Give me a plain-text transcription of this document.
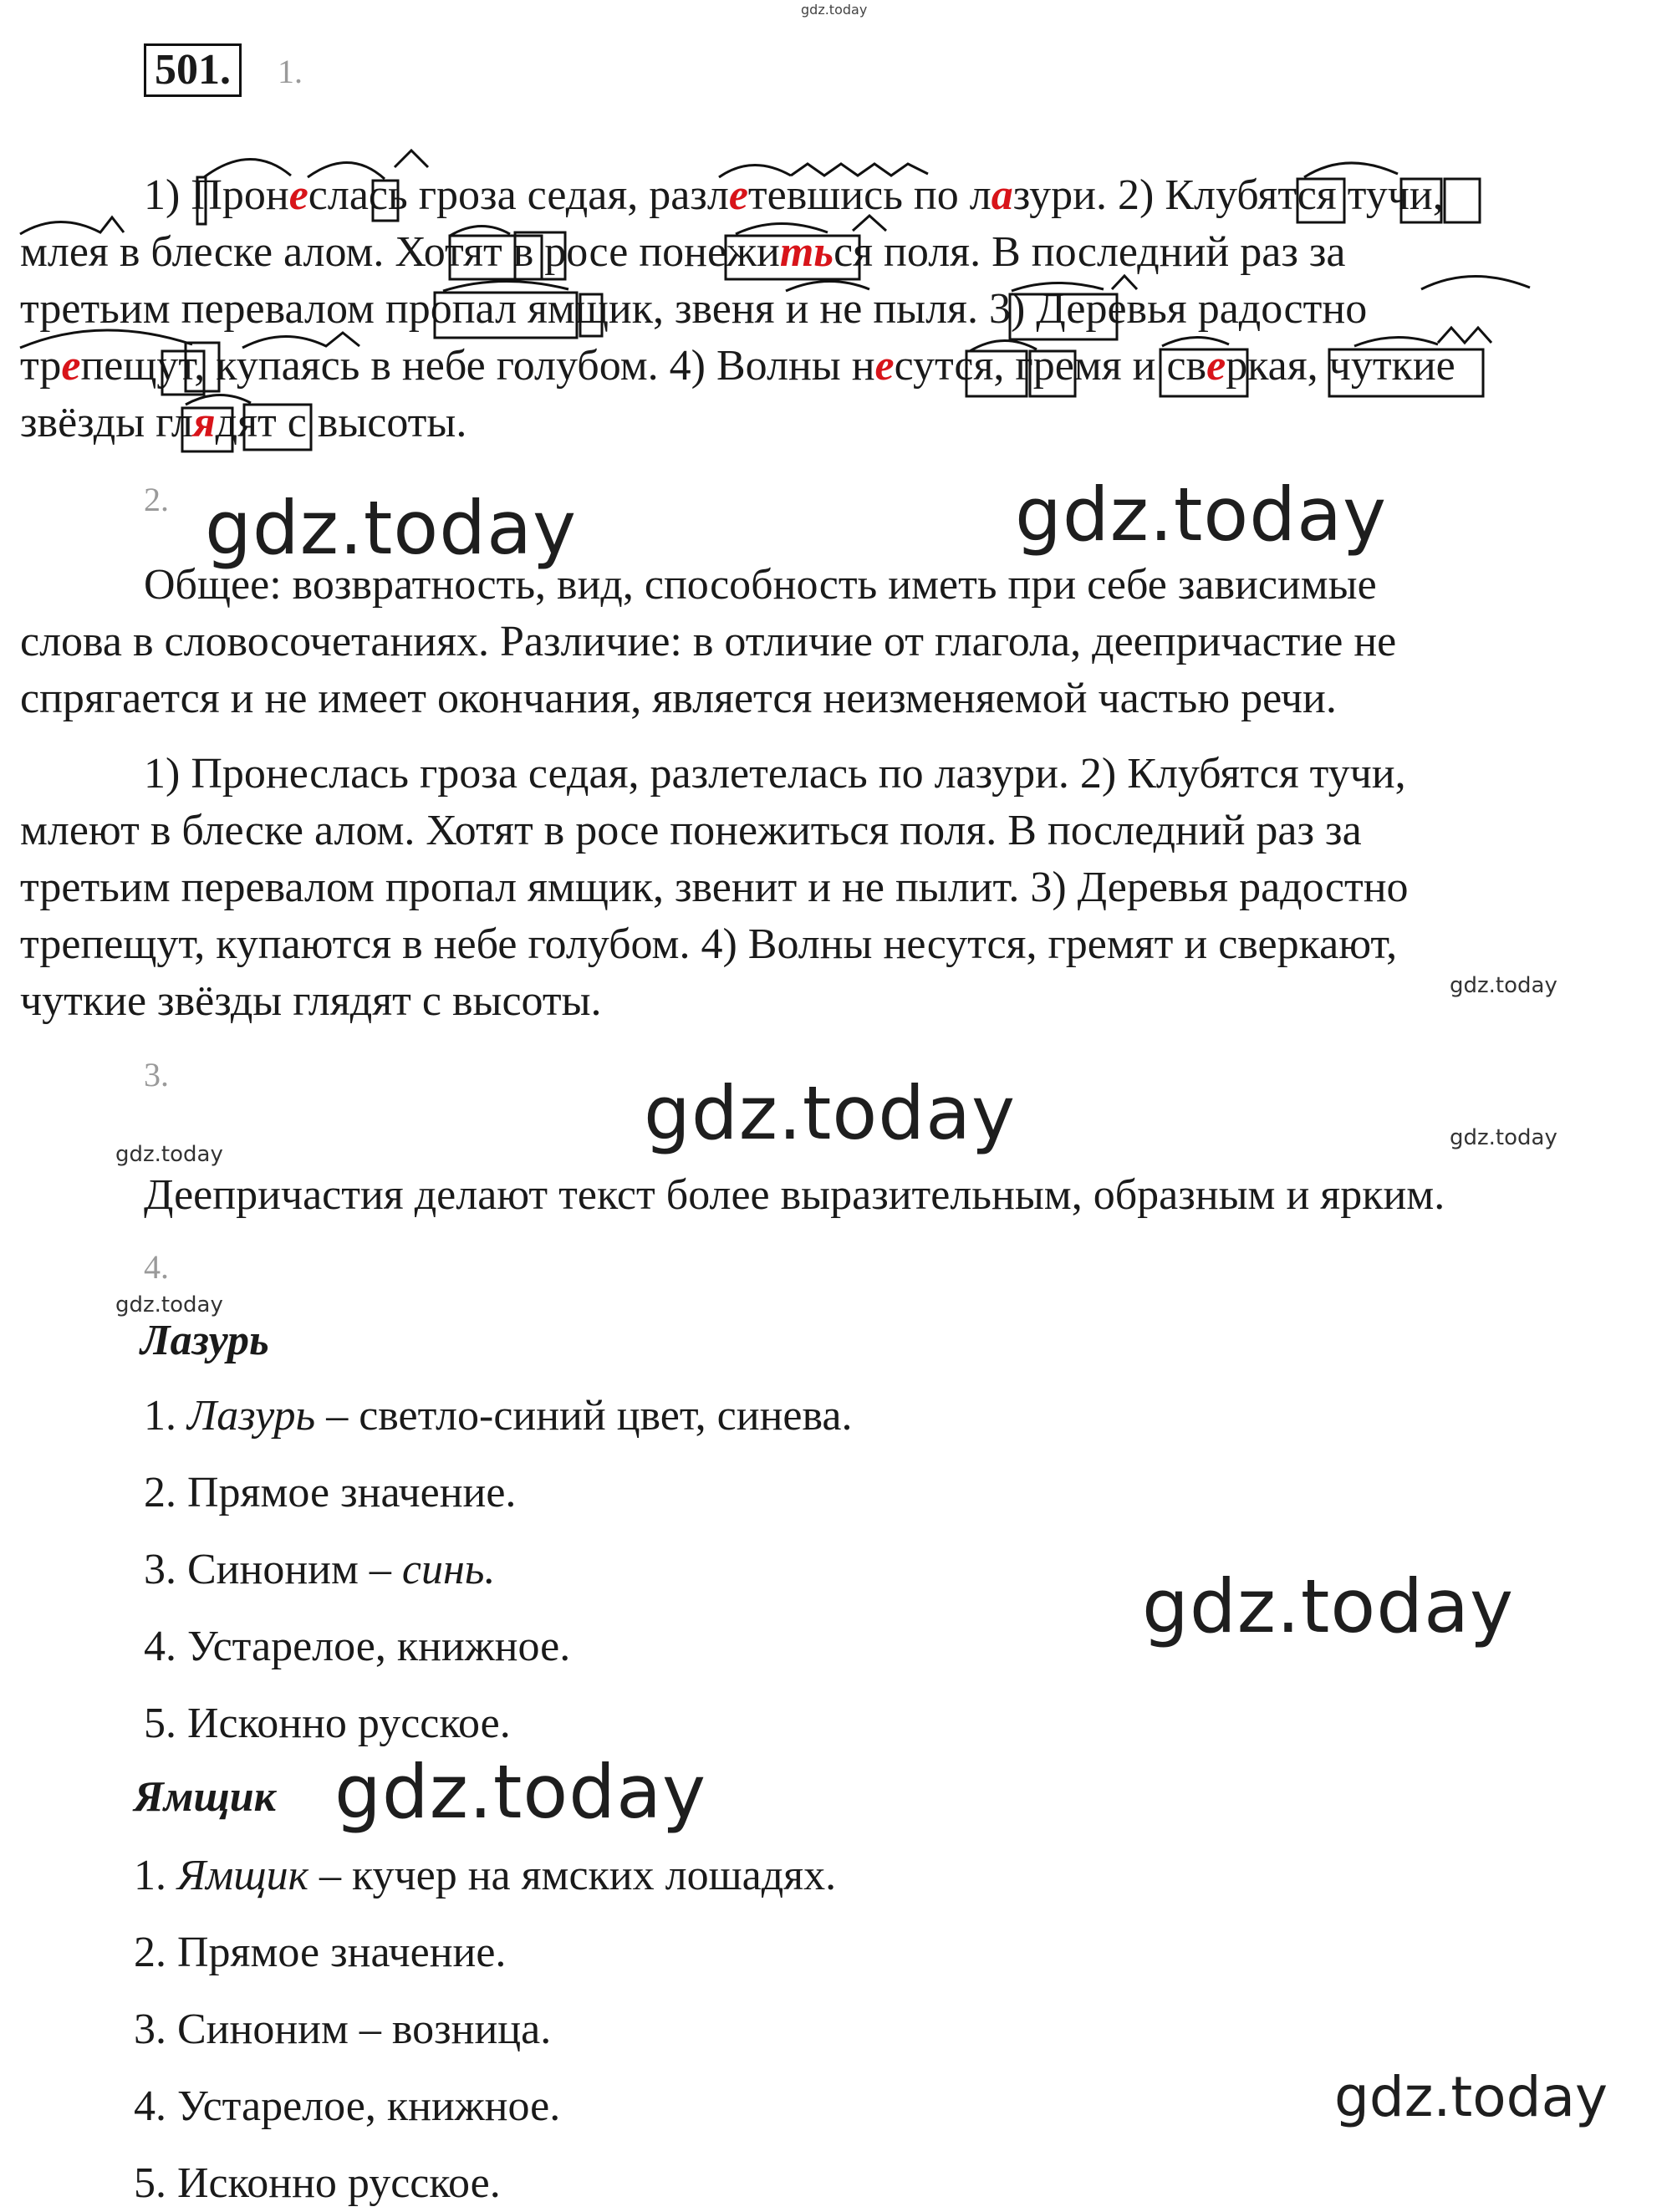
gdz.today
501.	1.
1) Пронеслась гроза седая, разлетевшись по лазури. 2) Клубятся тучи,
млея в блеске алом. Хотят в росе понежиться поля. В последний раз за
третьим перевалом пропал ямщик, звеня и не пыля. 3) Деревья радостно
трепещут, купаясь в небе голубом. 4) Волны несутся, гремя и сверкая, чуткие
звёзды глядят с высоты.
2. gdz.today	gdz.today
Общее: возвратность, вид, способность иметь при себе зависимые
слова в словосочетаниях. Различие: в отличие от глагола, деепричастие не
спрягается и не имеет окончания, является неизменяемой частью речи.
1) Пронеслась гроза седая, разлетелась по лазури. 2) Клубятся тучи,
млеют в блеске алом. Хотят в росе понежиться поля. В последний раз за
третьим перевалом пропал ямщик, звенит и не пылит. 3) Деревья радостно
трепещут, купаются в небе голубом. 4) Волны несутся, гремят и сверкают,
чуткие звёзды глядят с высоты.	gdz.today
3.	gdz.today
gdz.today
gdz.today
Деепричастия делают текст более выразительным, образным и ярким.
4.
gdz.today
Лазурь
1. Лазурь – светло-синий цвет, синева.
2. Прямое значение.
3. Синоним – синь.
4. Устарелое, книжное.
5. Исконно русское.
gdz.today
Ямщик gdz.today
1. Ямщик – кучер на ямских лошадях.
2. Прямое значение.
3. Синоним – возница.
4. Устарелое, книжное.
5. Исконно русское.
gdz.today
